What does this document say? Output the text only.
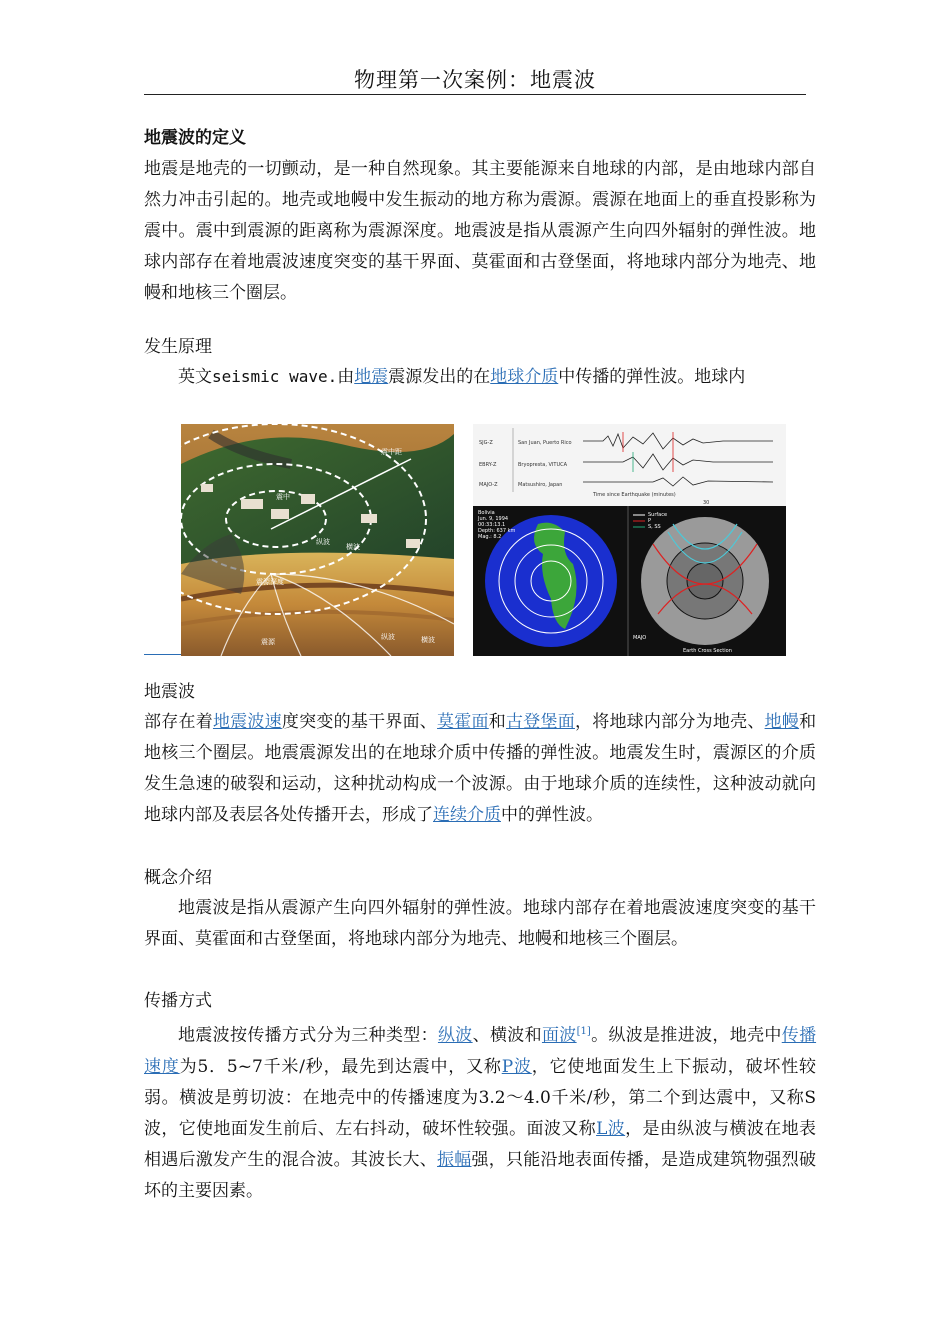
物理第一次案例：地震波
地震波的定义
地震是地壳的一切颤动，是一种自然现象。其主要能源来自地球的内部，是由地球内部自然力冲击引起的。地壳或地幔中发生振动的地方称为震源。震源在地面上的垂直投影称为震中。震中到震源的距离称为震源深度。地震波是指从震源产生向四外辐射的弹性波。地球内部存在着地震波速度突变的基干界面、莫霍面和古登堡面，将地球内部分为地壳、地幔和地核三个圈层。
发生原理
英文seismic wave.由地震震源发出的在地球介质中传播的弹性波。地球内
震中距
震中
纵波
横波
震源深度
震源
纵波	横波
SJG-Z	San Juan, Puerto Rico
EBRY-Z	Bryopresta, VITUCA
MAJO-Z	Matsushiro, Japan
Time since Earthquake (minutes)
30
Bolivia
Jun. 9, 1994
00:33:13.1
Depth: 637 km
Mag.: 8.2
Surface
P
S, SS
MAJO
Earth Cross Section
地震波
部存在着地震波速度突变的基干界面、莫霍面和古登堡面，将地球内部分为地壳、地幔和地核三个圈层。地震震源发出的在地球介质中传播的弹性波。地震发生时，震源区的介质发生急速的破裂和运动，这种扰动构成一个波源。由于地球介质的连续性，这种波动就向地球内部及表层各处传播开去，形成了连续介质中的弹性波。
概念介绍
地震波是指从震源产生向四外辐射的弹性波。地球内部存在着地震波速度突变的基干界面、莫霍面和古登堡面，将地球内部分为地壳、地幔和地核三个圈层。
传播方式
地震波按传播方式分为三种类型：纵波、横波和面波[1]。纵波是推进波，地壳中传播速度为5．5~7千米/秒，最先到达震中，又称P波，它使地面发生上下振动，破坏性较弱。横波是剪切波：在地壳中的传播速度为3.2～4.0千米/秒，第二个到达震中，又称S波，它使地面发生前后、左右抖动，破坏性较强。面波又称L波，是由纵波与横波在地表相遇后激发产生的混合波。其波长大、振幅强，只能沿地表面传播，是造成建筑物强烈破坏的主要因素。
